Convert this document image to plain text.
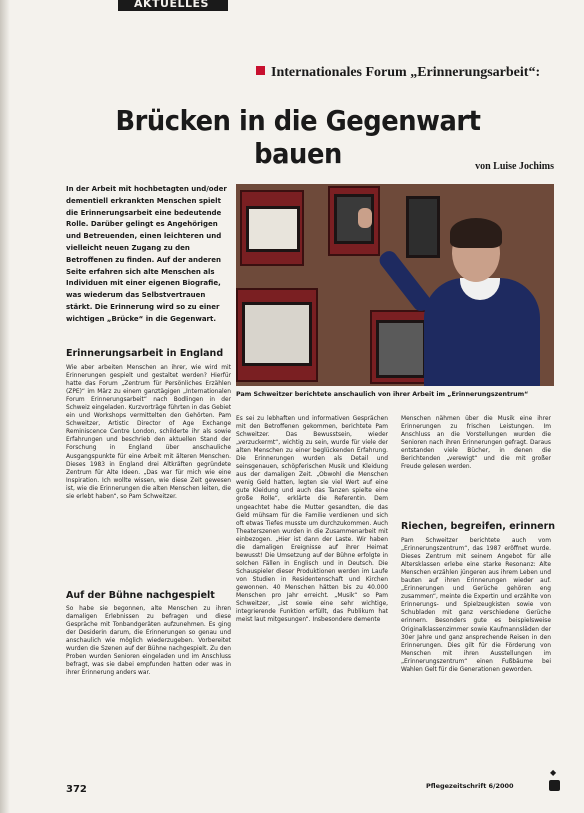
AKTUELLES
Internationales Forum „Erinnerungsarbeit“:
Brücken in die Gegenwart bauen	von Luise Jochims
In der Arbeit mit hochbetagten und/oder dementiell erkrankten Menschen spielt die Erinnerungsarbeit eine bedeutende Rolle. Darüber gelingt es Angehörigen und Betreuenden, einen leichteren und vielleicht neuen Zugang zu den Betroffenen zu finden. Auf der anderen Seite erfahren sich alte Menschen als Individuen mit einer eigenen Biografie, was wiederum das Selbstvertrauen stärkt. Die Erinnerung wird so zu einer wichtigen „Brücke“ in die Gegenwart.
Pam Schweitzer berichtete anschaulich von ihrer Arbeit im „Erinnerungszentrum“
Erinnerungsarbeit in England
Wie aber arbeiten Menschen an ihrer, wie wird mit Erinnerungen gespielt und gestaltet werden? Hierfür hatte das Forum „Zentrum für Persönliches Erzählen (ZPE)“ im März zu einem ganztägigen „Internationalen Forum Erinnerungsarbeit“ nach Bodlingen in der Schweiz eingeladen. Kurzvorträge führten in das Gebiet ein und Workshops vermittelten den Gehörten. Pam Schweitzer, Artistic Director of Age Exchange Reminiscence Centre London, schilderte ihr als sowie Erfahrungen und beschrieb den aktuellen Stand der Forschung in England über anschauliche Ausgangspunkte für eine Arbeit mit älteren Menschen. Dieses 1983 in England drei Altkräften gegründete Zentrum für Alte Ideen. „Das war für mich wie eine Inspiration. Ich wollte wissen, wie diese Zeit gewesen ist, wie die Erinnerungen die alten Menschen leiten, die sie erlebt haben“, so Pam Schweitzer.
Auf der Bühne nachgespielt
So habe sie begonnen, alte Menschen zu ihren damaligen Erlebnissen zu befragen und diese Gespräche mit Tonbandgeräten aufzunehmen. Es ging der Desiderin darum, die Erinnerungen so genau und anschaulich wie möglich wiederzugeben. Vorbereitet wurden die Szenen auf der Bühne nachgespielt. Zu den Proben wurden Senioren eingeladen und im Anschluss befragt, was sie dabei empfunden hatten oder was in ihrer Erinnerung anders war.
Es sei zu lebhaften und informativen Gesprächen mit den Betroffenen gekommen, berichtete Pam Schweitzer. Das Bewusstsein, wieder „verzuckermt“, wichtig zu sein, wurde für viele der alten Menschen zu einer beglückenden Erfahrung. Die Erinnerungen wurden als Detail und seinsgenauen, schöpferischen Musik und Kleidung aus der damaligen Zeit. „Obwohl die Menschen wenig Geld hatten, legten sie viel Wert auf eine gute Kleidung und auch das Tanzen spielte eine große Rolle“, erklärte die Referentin. Dem ungeachtet habe die Mutter gesandten, die das Geld mühsam für die Familie verdienen und sich oft etwas Tiefes musste um durchzukommen. Auch Theaterszenen wurden in die Zusammenarbeit mit einbezogen. „Hier ist dann der Laste. Wir haben die damaligen Ereignisse auf ihrer Heimat bewusst! Die Umsetzung auf der Bühne erfolgte in solchen Fällen in Englisch und in Deutsch. Die Schauspieler dieser Produktionen werden im Laufe von Studien in Residentenschaft und Kirchen gewonnen. 40 Menschen hätten bis zu 40.000 Menschen pro Jahr erreicht. „Musik“ so Pam Schweitzer, „ist sowie eine sehr wichtige, integrierende Funktion erfüllt, das Publikum hat meist laut mitgesungen“. Insbesondere demente
Menschen nähmen über die Musik eine ihrer Erinnerungen zu frischen Leistungen. Im Anschluss an die Vorstellungen wurden die Senioren nach ihren Erinnerungen gefragt. Daraus entstanden viele Bücher, in denen die Berichtenden „verewigt“ und die mit großer Freude gelesen werden.
Riechen, begreifen, erinnern
Pam Schweitzer berichtete auch vom „Erinnerungszentrum“, das 1987 eröffnet wurde. Dieses Zentrum mit seinem Angebot für alle Altersklassen erlebe eine starke Resonanz: Alte Menschen erzählen jüngeren aus ihrem Leben und bauten auf ihren Erinnerungen wieder auf. „Erinnerungen und Gerüche gehören eng zusammen“, meinte die Expertin und erzählte von Erinnerungs- und Spielzeugkisten sowie von Schubladen mit ganz verschiedene Gerüche erinnern. Besonders gute es beispielsweise Originalklassenzimmer sowie Kaufmannsläden der 30er Jahre und ganz ansprechende Reisen in den Erinnerungen. Dies gilt für die Förderung von Menschen mit ihren Ausstellungen im „Erinnerungszentrum“ einen Fußbäume bei Wahlen Gelt für die Generationen geworden.
◆
372	Pflegezeitschrift 6/2000
